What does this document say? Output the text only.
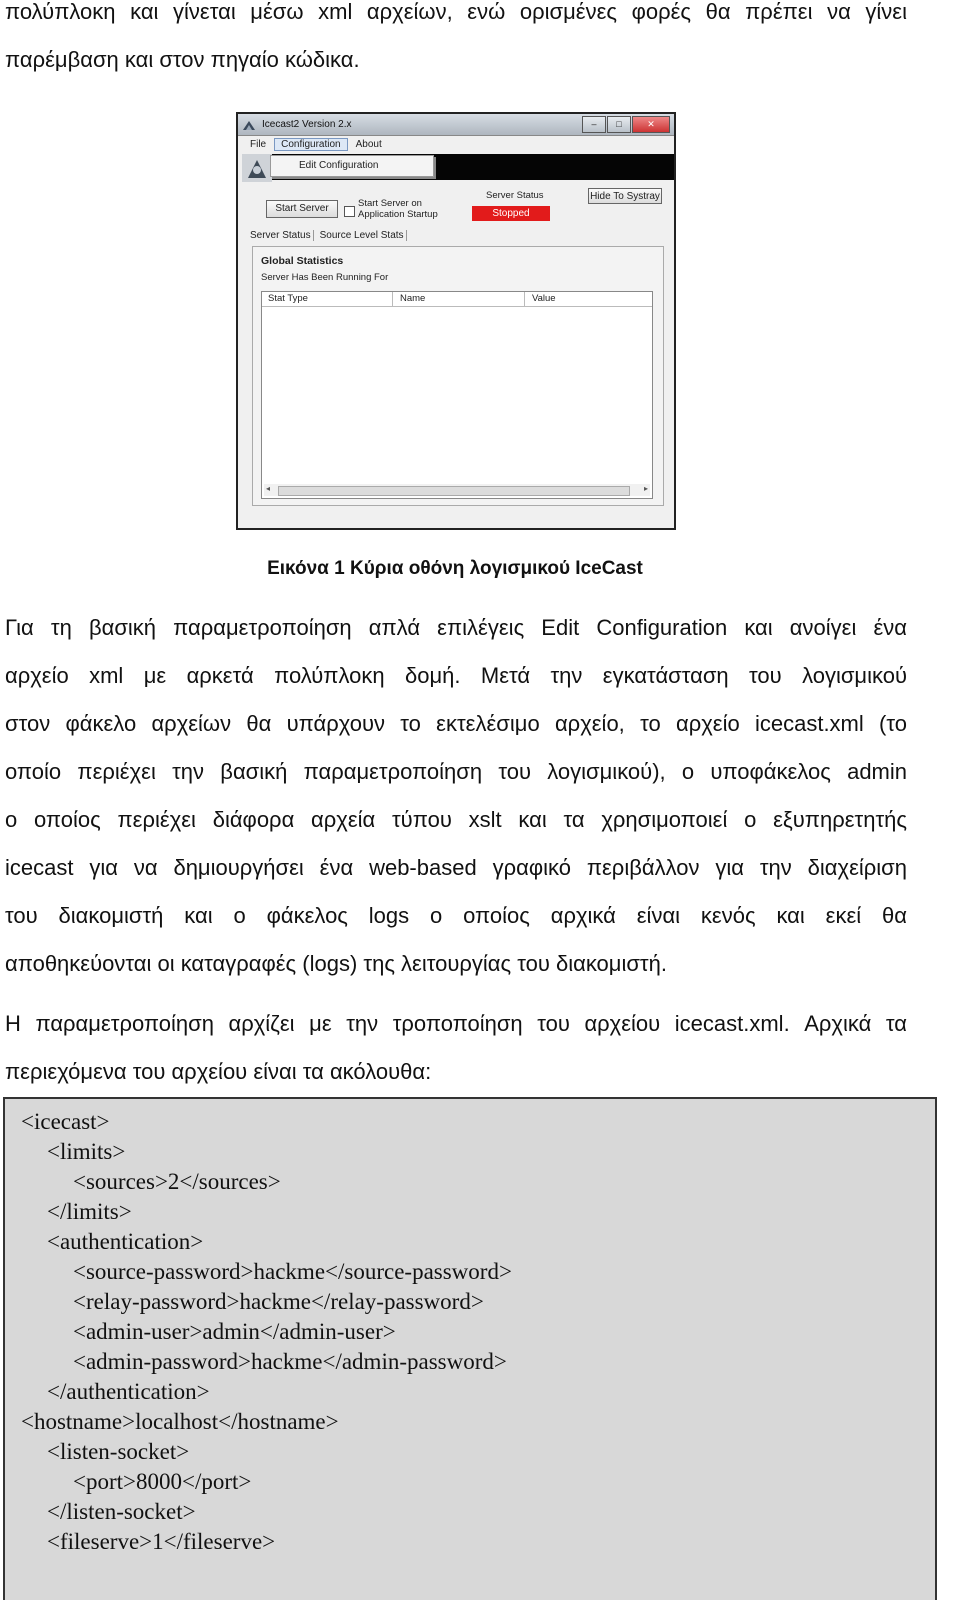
πολύπλοκη και γίνεται μέσω xml αρχείων, ενώ ορισμένες φορές θα πρέπει να γίνει
παρέμβαση και στον πηγαίο κώδικα.
Icecast2 Version 2.x	–	□	✕
File	Configuration	About
Edit Configuration
Start Server	Start Server on
Application Startup
Server Status
Stopped
Hide To Systray
Server Status Source Level Stats
Global Statistics
Server Has Been Running For
Stat Type	Name	Value
◂	▸
Εικόνα 1 Κύρια οθόνη λογισμικού IceCast
Για τη βασική παραμετροποίηση απλά επιλέγεις Edit Configuration και ανοίγει ένα
αρχείο xml με αρκετά πολύπλοκη δομή. Μετά την εγκατάσταση του λογισμικού
στον φάκελο αρχείων θα υπάρχουν το εκτελέσιμο αρχείο, το αρχείο icecast.xml (το
οποίο περιέχει την βασική παραμετροποίηση του λογισμικού), ο υποφάκελος admin
ο οποίος περιέχει διάφορα αρχεία τύπου xslt και τα χρησιμοποιεί ο εξυπηρετητής
icecast για να δημιουργήσει ένα web-based γραφικό περιβάλλον για την διαχείριση
του διακομιστή και ο φάκελος logs ο οποίος αρχικά είναι κενός και εκεί θα
αποθηκεύονται οι καταγραφές (logs) της λειτουργίας του διακομιστή.
Η παραμετροποίηση αρχίζει με την τροποποίηση του αρχείου icecast.xml. Αρχικά τα
περιεχόμενα του αρχείου είναι τα ακόλουθα:
<icecast>
<limits>
<sources>2</sources>
</limits>
<authentication>
<source-password>hackme</source-password>
<relay-password>hackme</relay-password>
<admin-user>admin</admin-user>
<admin-password>hackme</admin-password>
</authentication>
<hostname>localhost</hostname>
<listen-socket>
<port>8000</port>
</listen-socket>
<fileserve>1</fileserve>
